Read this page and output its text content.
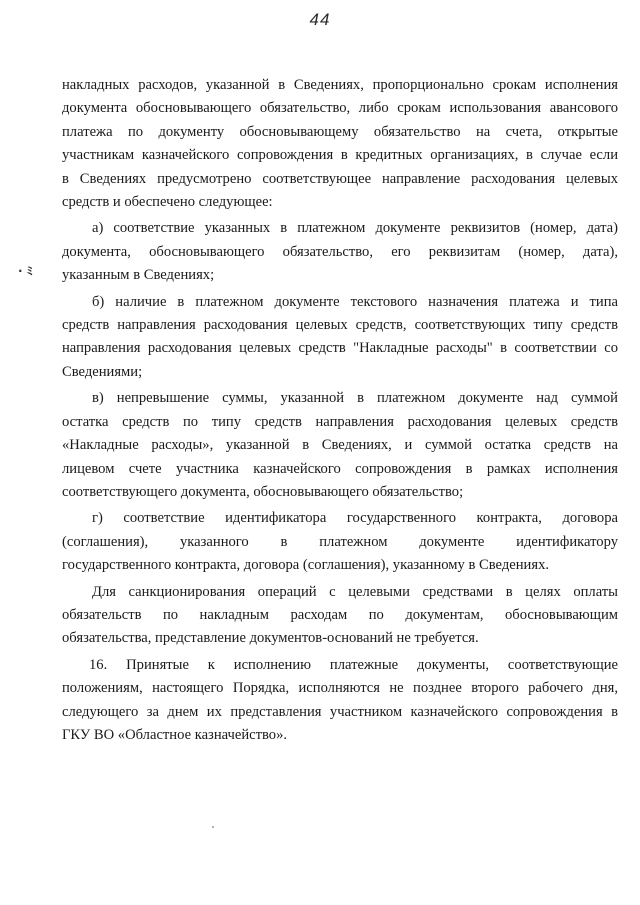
44
· ﾐ

накладных расходов, указанной в Сведениях, пропорционально срокам исполнения
документа обосновывающего обязательство, либо срокам использования авансового
платежа по документу обосновывающему обязательство на счета, открытые
участникам казначейского сопровождения в кредитных организациях, в случае если
в Сведениях предусмотрено соответствующее направление расходования целевых
средств и обеспечено следующее:

а) соответствие указанных в платежном документе реквизитов (номер, дата)
документа, обосновывающего обязательство, его реквизитам (номер, дата),
указанным в Сведениях;

б) наличие в платежном документе текстового назначения платежа и типа
средств направления расходования целевых средств, соответствующих типу средств
направления расходования целевых средств "Накладные расходы" в соответствии со
Сведениями;

в) непревышение суммы, указанной в платежном документе над суммой
остатка средств по типу средств направления расходования целевых средств
«Накладные расходы», указанной в Сведениях, и суммой остатка средств на
лицевом счете участника казначейского сопровождения в рамках исполнения
соответствующего документа, обосновывающего обязательство;

г) соответствие идентификатора государственного контракта, договора
(соглашения), указанного в платежном документе идентификатору
государственного контракта, договора (соглашения), указанному в Сведениях.

Для санкционирования операций с целевыми средствами в целях оплаты
обязательств по накладным расходам по документам, обосновывающим
обязательства, представление документов-оснований не требуется.

16. Принятые к исполнению платежные документы, соответствующие
положениям, настоящего Порядка, исполняются не позднее второго рабочего дня,
следующего за днем их представления участником казначейского сопровождения в
ГКУ ВО «Областное казначейство».
